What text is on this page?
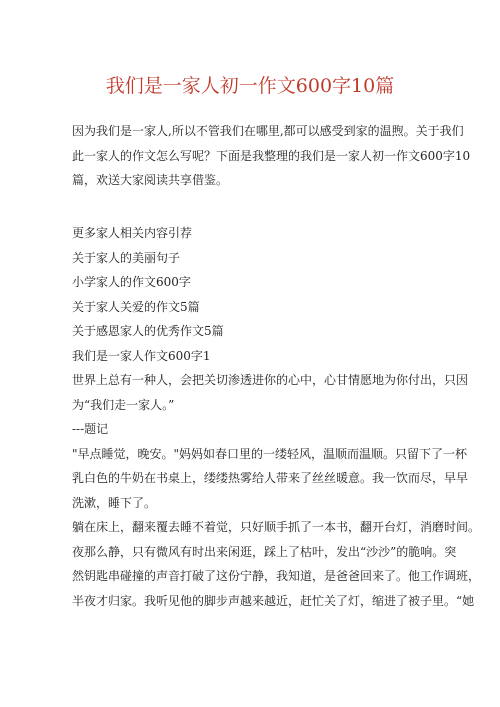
我们是一家人初一作文600字10篇
因为我们是一家人,所以不管我们在哪里,都可以感受到家的温煦。关于我们
此一家人的作文怎么写呢？下面是我整理的我们是一家人初一作文600字10
篇，欢送大家阅读共享借鉴。
更多家人相关内容引荐
关于家人的美丽句子
小学家人的作文600字
关于家人关爱的作文5篇
关于感恩家人的优秀作文5篇
我们是一家人作文600字1
世界上总有一种人，会把关切渗透进你的心中，心甘情愿地为你付出，只因
为“我们走一家人。”
---题记
"早点睡觉，晚安。"妈妈如春口里的一缕轻风，温顺而温顺。只留下了一杯
乳白色的牛奶在书桌上，缕缕热雾给人带来了丝丝暖意。我一饮而尽，早早
洗漱，睡下了。
躺在床上，翻来覆去睡不着觉，只好顺手抓了一本书，翻开台灯，消磨时间。
夜那么静，只有微风有时出来闲逛，踩上了枯叶，发出“沙沙”的脆响。突
然钥匙串碰撞的声音打破了这份宁静，我知道，是爸爸回来了。他工作调班，
半夜才归家。我听见他的脚步声越来越近，赶忙关了灯，缩进了被子里。“她
